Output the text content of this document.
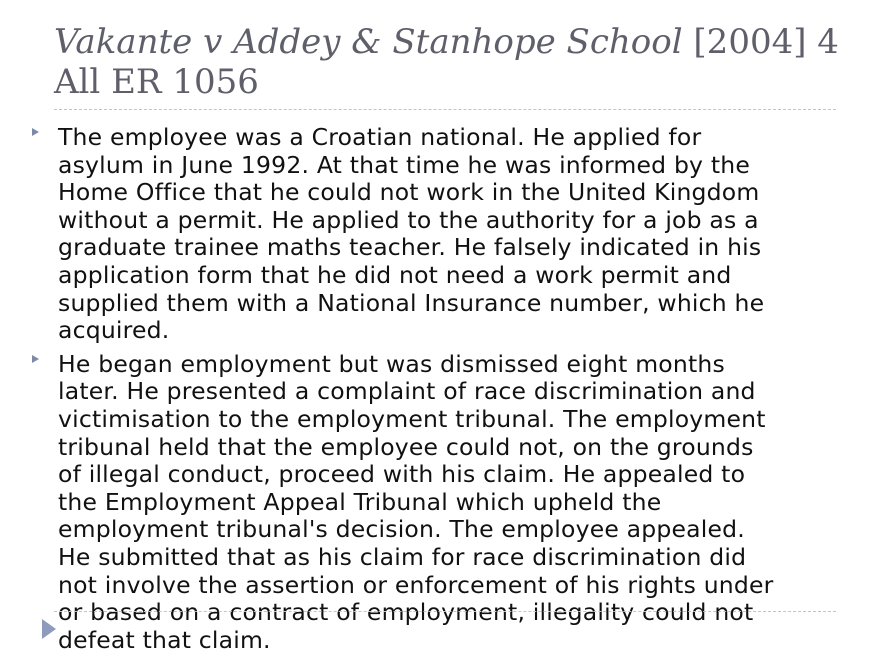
Vakante v Addey & Stanhope School [2004] 4 All ER 1056
The employee was a Croatian national. He applied for
asylum in June 1992. At that time he was informed by the
Home Office that he could not work in the United Kingdom
without a permit. He applied to the authority for a job as a
graduate trainee maths teacher. He falsely indicated in his
application form that he did not need a work permit and
supplied them with a National Insurance number, which he
acquired.
He began employment but was dismissed eight months
later. He presented a complaint of race discrimination and
victimisation to the employment tribunal. The employment
tribunal held that the employee could not, on the grounds
of illegal conduct, proceed with his claim. He appealed to
the Employment Appeal Tribunal which upheld the
employment tribunal's decision. The employee appealed.
He submitted that as his claim for race discrimination did
not involve the assertion or enforcement of his rights under
or based on a contract of employment, illegality could not
defeat that claim.
